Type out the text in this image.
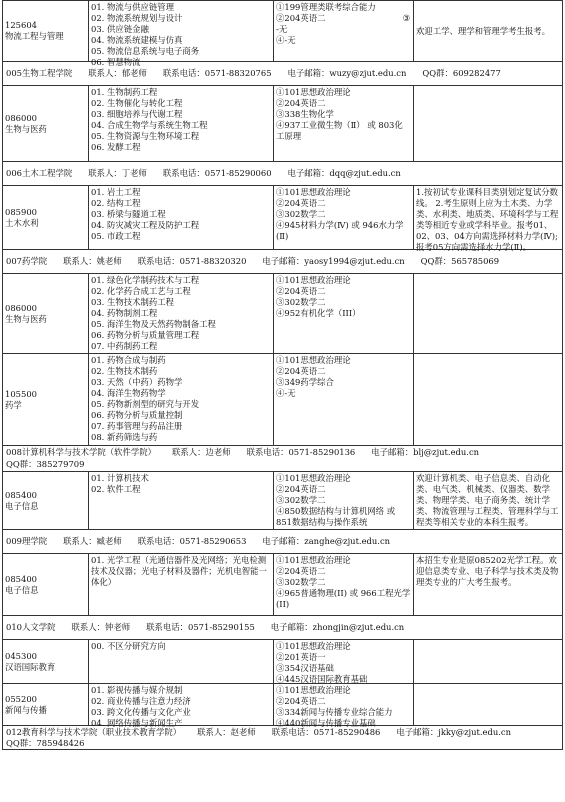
125604
物流工程与管理
01. 物流与供应链管理
02. 物流系统规划与设计
03. 供应链金融
04. 物流系统建模与仿真
05. 物流信息系统与电子商务
06. 智慧物流
①199管理类联考综合能力
②204英语二
-无
④-无
③
欢迎工学、理学和管理学考生报考。
005生物工程学院 联系人：郁老师 联系电话：0571-88320765 电子邮箱：wuzy@zjut.edu.cn QQ群：609282477
086000
生物与医药
01. 生物制药工程
02. 生物催化与转化工程
03. 细胞培养与代谢工程
04. 合成生物学与系统生物工程
05. 生物资源与生物环境工程
06. 发酵工程
①101思想政治理论
②204英语二
③338生物化学
④937工业微生物（Ⅱ） 或 803化工原理
006土木工程学院 联系人：丁老师 联系电话：0571-85290060 电子邮箱：dqq@zjut.edu.cn
085900
土木水利
01. 岩土工程
02. 结构工程
03. 桥梁与隧道工程
04. 防灾减灾工程及防护工程
05. 市政工程
①101思想政治理论
②204英语二
③302数学二
④945材料力学(Ⅳ) 或 946水力学(Ⅱ)
1.按初试专业课科目类别划定复试分数线。 2.考生原则上应为土木类、力学类、水利类、地质类、环境科学与工程类等相近专业或学科毕业。报考01、02、03、04方向需选择材料力学(Ⅳ);报考05方向需选择水力学(Ⅱ)。
007药学院 联系人：姚老师 联系电话：0571-88320320 电子邮箱：yaosy1994@zjut.edu.cn QQ群：565785069
086000
生物与医药
01. 绿色化学制药技术与工程
02. 化学药合成工艺与工程
03. 生物技术制药工程
04. 药物制剂工程
05. 海洋生物及天然药物制备工程
06. 药物分析与质量管理工程
07. 中药制药工程
①101思想政治理论
②204英语二
③302数学二
④952有机化学（III）
105500
药学
01. 药物合成与制药
02. 生物技术制药
03. 天然（中药）药物学
04. 海洋生物药物学
05. 药物新剂型的研究与开发
06. 药物分析与质量控制
07. 药事管理与药品注册
08. 新药筛选与药
①101思想政治理论
②204英语二
③349药学综合
④-无
008计算机科学与技术学院（软件学院） 联系人：边老师 联系电话：0571-85290136 电子邮箱：blj@zjut.edu.cn
QQ群：385279709
085400
电子信息
01. 计算机技术
02. 软件工程
①101思想政治理论
②204英语二
③302数学二
④850数据结构与计算机网络 或 851数据结构与操作系统
欢迎计算机类、电子信息类、自动化类、电气类、机械类、仪器类、数学类、物理学类、电子商务类、统计学类、物流管理与工程类、管理科学与工程类等相关专业的本科生报考。
009理学院 联系人：臧老师 联系电话：0571-85290653 电子邮箱：zanghe@zjut.edu.cn
085400
电子信息
01. 光学工程（光通信器件及光网络；光电检测技术及仪器；光电子材料及器件；光机电智能一体化）
①101思想政治理论
②204英语二
③302数学二
④965普通物理(II) 或 966工程光学(II)
本招生专业是原085202光学工程。欢迎信息类专业、电子科学与技术类及物理类专业的广大考生报考。
010人文学院 联系人：钟老师 联系电话：0571-85290155 电子邮箱：zhongjin@zjut.edu.cn
045300
汉语国际教育
00. 不区分研究方向	①101思想政治理论
②201英语一
③354汉语基础
④445汉语国际教育基础
055200
新闻与传播
01. 影视传播与媒介规制
02. 商业传播与注意力经济
03. 跨文化传播与文化产业
04. 网络传播与新闻生产
①101思想政治理论
②204英语二
③334新闻与传播专业综合能力
④440新闻与传播专业基础
012教育科学与技术学院（职业技术教育学院） 联系人：赵老师 联系电话：0571-85290486 电子邮箱：jkky@zjut.edu.cn
QQ群：785948426
